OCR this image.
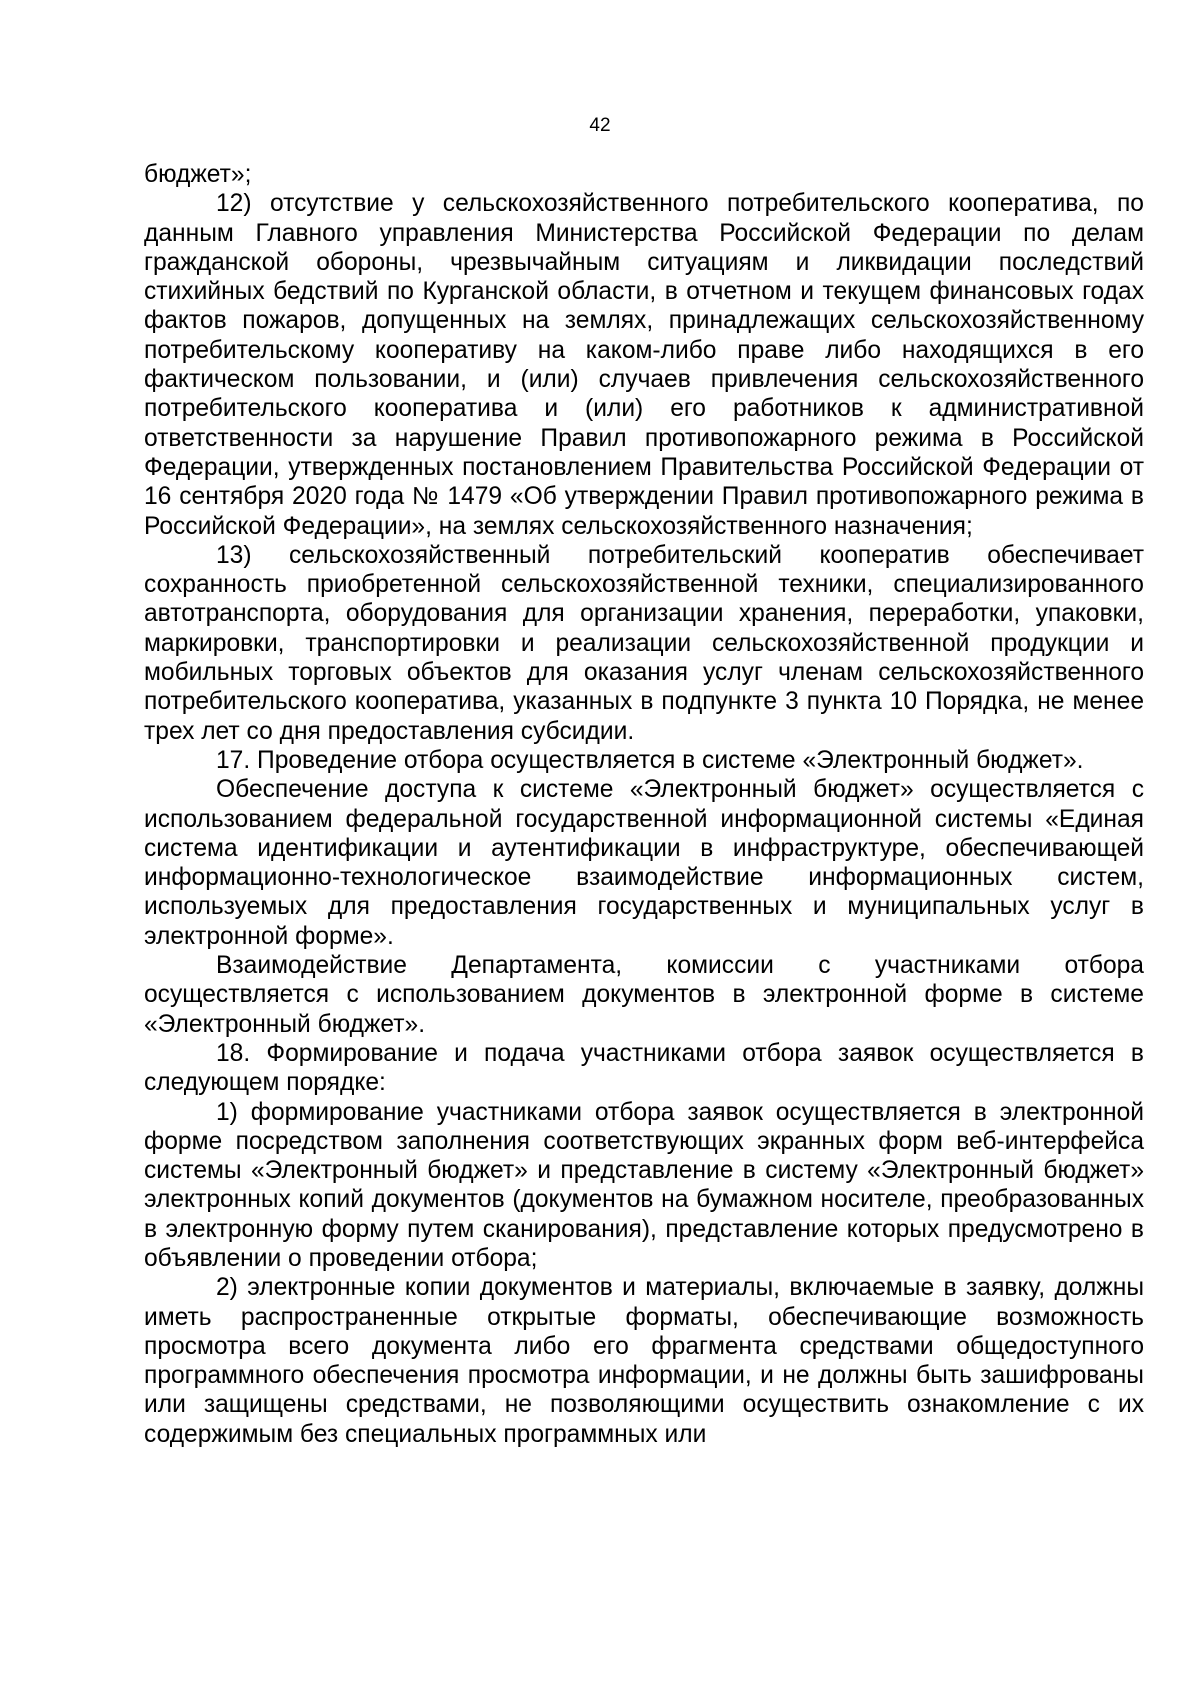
42

бюджет»;

12) отсутствие у сельскохозяйственного потребительского кооператива, по данным Главного управления Министерства Российской Федерации по делам гражданской обороны, чрезвычайным ситуациям и ликвидации последствий стихийных бедствий по Курганской области, в отчетном и текущем финансовых годах фактов пожаров, допущенных на землях, принадлежащих сельскохозяйственному потребительскому кооперативу на каком-либо праве либо находящихся в его фактическом пользовании, и (или) случаев привлечения сельскохозяйственного потребительского кооператива и (или) его работников к административной ответственности за нарушение Правил противопожарного режима в Российской Федерации, утвержденных постановлением Правительства Российской Федерации от 16 сентября 2020 года № 1479 «Об утверждении Правил противопожарного режима в Российской Федерации», на землях сельскохозяйственного назначения;

13) сельскохозяйственный потребительский кооператив обеспечивает сохранность приобретенной сельскохозяйственной техники, специализированного автотранспорта, оборудования для организации хранения, переработки, упаковки, маркировки, транспортировки и реализации сельскохозяйственной продукции и мобильных торговых объектов для оказания услуг членам сельскохозяйственного потребительского кооператива, указанных в подпункте 3 пункта 10 Порядка, не менее трех лет со дня предоставления субсидии.

17. Проведение отбора осуществляется в системе «Электронный бюджет».

Обеспечение доступа к системе «Электронный бюджет» осуществляется с использованием федеральной государственной информационной системы «Единая система идентификации и аутентификации в инфраструктуре, обеспечивающей информационно-технологическое взаимодействие информационных систем, используемых для предоставления государственных и муниципальных услуг в электронной форме».

Взаимодействие Департамента, комиссии с участниками отбора осуществляется с использованием документов в электронной форме в системе «Электронный бюджет».

18. Формирование и подача участниками отбора заявок осуществляется в следующем порядке:

1) формирование участниками отбора заявок осуществляется в электронной форме посредством заполнения соответствующих экранных форм веб-интерфейса системы «Электронный бюджет» и представление в систему «Электронный бюджет» электронных копий документов (документов на бумажном носителе, преобразованных в электронную форму путем сканирования), представление которых предусмотрено в объявлении о проведении отбора;

2) электронные копии документов и материалы, включаемые в заявку, должны иметь распространенные открытые форматы, обеспечивающие возможность просмотра всего документа либо его фрагмента средствами общедоступного программного обеспечения просмотра информации, и не должны быть зашифрованы или защищены средствами, не позволяющими осуществить ознакомление с их содержимым без специальных программных или
